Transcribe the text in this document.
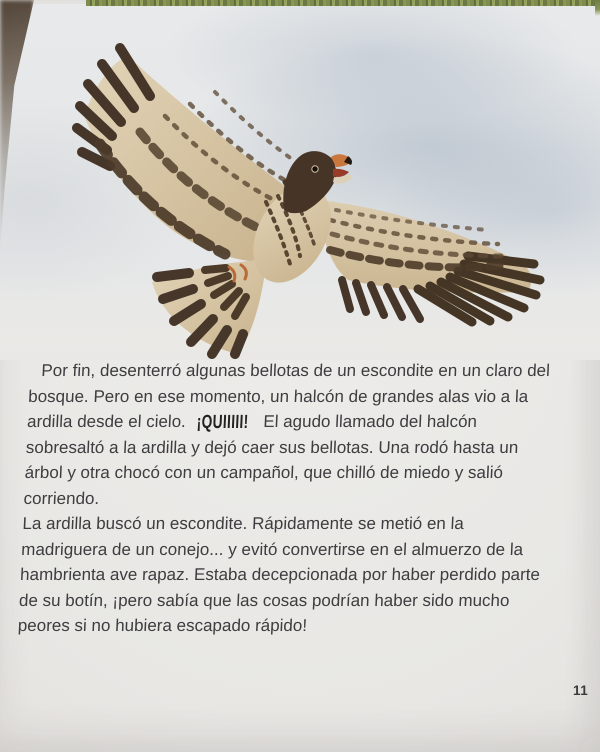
Por fin, desenterró algunas bellotas de un escondite en un claro del bosque. Pero en ese momento, un halcón de grandes alas vio a la ardilla desde el cielo. ¡QUIIIII! El agudo llamado del halcón sobresaltó a la ardilla y dejó caer sus bellotas. Una rodó hasta un árbol y otra chocó con un campañol, que chilló de miedo y salió corriendo.

La ardilla buscó un escondite. Rápidamente se metió en la madriguera de un conejo... y evitó convertirse en el almuerzo de la hambrienta ave rapaz. Estaba decepcionada por haber perdido parte de su botín, ¡pero sabía que las cosas podrían haber sido mucho peores si no hubiera escapado rápido!

11
